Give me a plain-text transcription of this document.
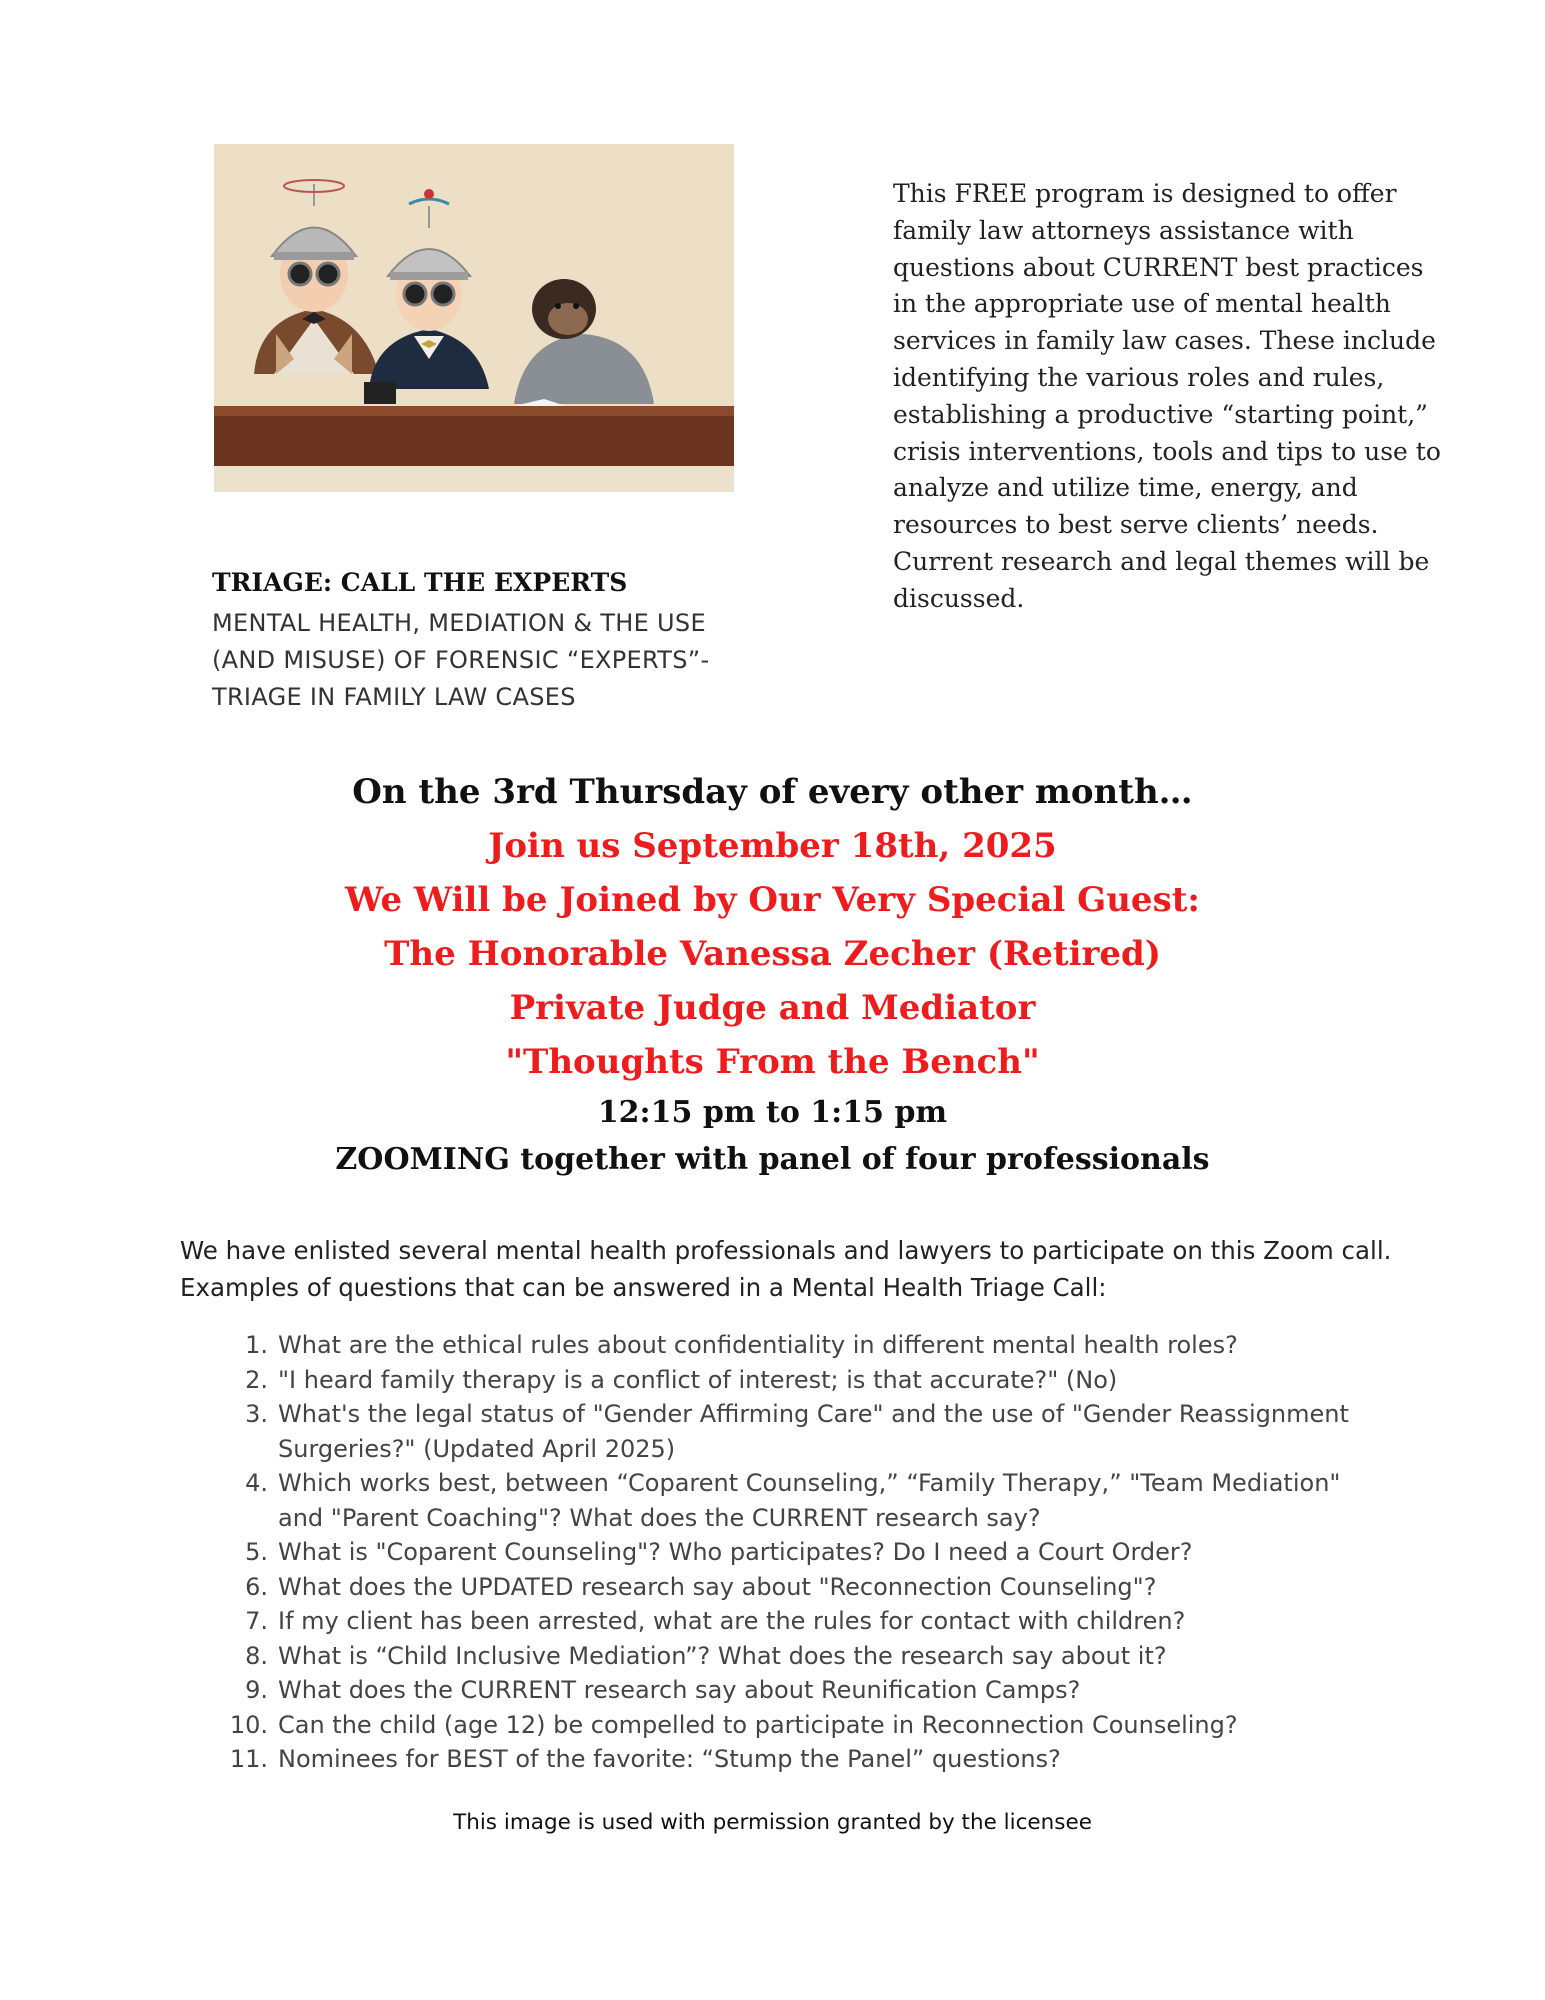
This FREE program is designed to offer family law attorneys assistance with questions about CURRENT best practices in the appropriate use of mental health services in family law cases. These include identifying the various roles and rules, establishing a productive “starting point,” crisis interventions, tools and tips to use to analyze and utilize time, energy, and resources to best serve clients’ needs. Current research and legal themes will be discussed.
TRIAGE: CALL THE EXPERTS
MENTAL HEALTH, MEDIATION & THE USE (AND MISUSE) OF FORENSIC “EXPERTS”- TRIAGE IN FAMILY LAW CASES
On the 3rd Thursday of every other month…
Join us September 18th, 2025
We Will be Joined by Our Very Special Guest:
The Honorable Vanessa Zecher (Retired)
Private Judge and Mediator
"Thoughts From the Bench"
12:15 pm to 1:15 pm
ZOOMING together with panel of four professionals
We have enlisted several mental health professionals and lawyers to participate on this Zoom call. Examples of questions that can be answered in a Mental Health Triage Call:
1. What are the ethical rules about confidentiality in different mental health roles?
2. "I heard family therapy is a conflict of interest; is that accurate?" (No)
3. What's the legal status of "Gender Affirming Care" and the use of "Gender Reassignment Surgeries?" (Updated April 2025)
4. Which works best, between “Coparent Counseling,” “Family Therapy,” "Team Mediation" and "Parent Coaching"? What does the CURRENT research say?
5. What is "Coparent Counseling"? Who participates? Do I need a Court Order?
6. What does the UPDATED research say about "Reconnection Counseling"?
7. If my client has been arrested, what are the rules for contact with children?
8. What is “Child Inclusive Mediation”? What does the research say about it?
9. What does the CURRENT research say about Reunification Camps?
10. Can the child (age 12) be compelled to participate in Reconnection Counseling?
11. Nominees for BEST of the favorite: “Stump the Panel” questions?
This image is used with permission granted by the licensee
